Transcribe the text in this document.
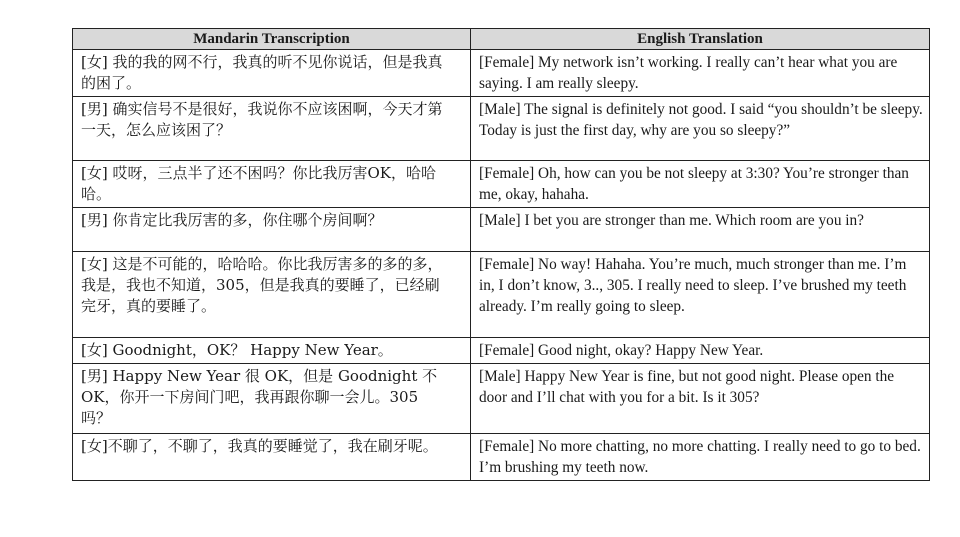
Mandarin Transcription	English Translation
[女] 我的我的网不行，我真的听不见你说话，但是我真的困了。	[Female] My network isn’t working. I really can’t hear what you are saying. I am really sleepy.
[男] 确实信号不是很好，我说你不应该困啊，今天才第一天，怎么应该困了？	[Male] The signal is definitely not good. I said “you shouldn’t be sleepy. Today is just the first day, why are you so sleepy?”
[女] 哎呀，三点半了还不困吗？你比我厉害OK，哈哈哈。	[Female] Oh, how can you be not sleepy at 3:30? You’re stronger than me, okay, hahaha.
[男] 你肯定比我厉害的多，你住哪个房间啊？	[Male] I bet you are stronger than me. Which room are you in?
[女] 这是不可能的，哈哈哈。你比我厉害多的多的多，我是，我也不知道，305，但是我真的要睡了，已经刷完牙，真的要睡了。	[Female] No way! Hahaha. You’re much, much stronger than me. I’m in, I don’t know, 3.., 305. I really need to sleep. I’ve brushed my teeth already. I’m really going to sleep.
[女] Goodnight，OK？ Happy New Year。	[Female] Good night, okay? Happy New Year.
[男] Happy New Year 很 OK，但是 Goodnight 不OK，你开一下房间门吧，我再跟你聊一会儿。305 吗？	[Male] Happy New Year is fine, but not good night. Please open the door and I’ll chat with you for a bit. Is it 305?
[女]不聊了，不聊了，我真的要睡觉了，我在刷牙呢。	[Female] No more chatting, no more chatting. I really need to go to bed. I’m brushing my teeth now.
